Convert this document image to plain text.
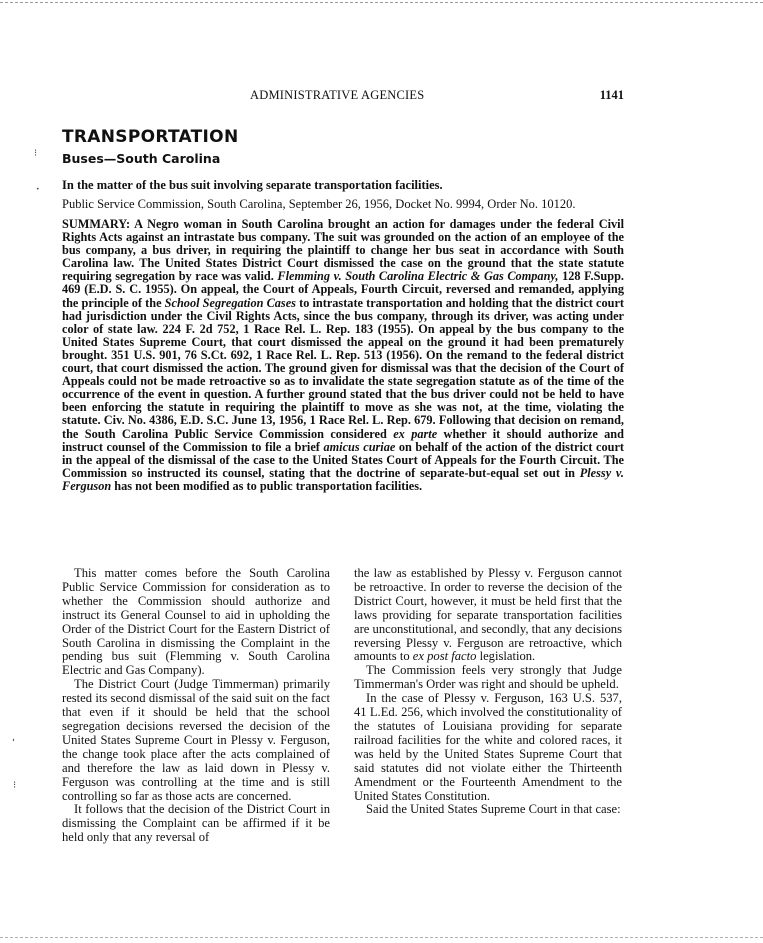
⁝
•
ʻ
⁝
ADMINISTRATIVE AGENCIES	1141
TRANSPORTATION
Buses—South Carolina
In the matter of the bus suit involving separate transportation facilities.
Public Service Commission, South Carolina, September 26, 1956, Docket No. 9994, Order No. 10120.
SUMMARY: A Negro woman in South Carolina brought an action for damages under the federal Civil Rights Acts against an intrastate bus company. The suit was grounded on the action of an employee of the bus company, a bus driver, in requiring the plaintiff to change her bus seat in accordance with South Carolina law. The United States District Court dismissed the case on the ground that the state statute requiring segregation by race was valid. Flemming v. South Carolina Electric & Gas Company, 128 F.Supp. 469 (E.D. S. C. 1955). On appeal, the Court of Appeals, Fourth Circuit, reversed and remanded, applying the principle of the School Segregation Cases to intrastate transportation and holding that the district court had jurisdiction under the Civil Rights Acts, since the bus company, through its driver, was acting under color of state law. 224 F. 2d 752, 1 Race Rel. L. Rep. 183 (1955). On appeal by the bus company to the United States Supreme Court, that court dismissed the appeal on the ground it had been prematurely brought. 351 U.S. 901, 76 S.Ct. 692, 1 Race Rel. L. Rep. 513 (1956). On the remand to the federal district court, that court dismissed the action. The ground given for dismissal was that the decision of the Court of Appeals could not be made retroactive so as to invalidate the state segregation statute as of the time of the occurrence of the event in question. A further ground stated that the bus driver could not be held to have been enforcing the statute in requiring the plaintiff to move as she was not, at the time, violating the statute. Civ. No. 4386, E.D. S.C. June 13, 1956, 1 Race Rel. L. Rep. 679. Following that decision on remand, the South Carolina Public Service Commission considered ex parte whether it should authorize and instruct counsel of the Commission to file a brief amicus curiae on behalf of the action of the district court in the appeal of the dismissal of the case to the United States Court of Appeals for the Fourth Circuit. The Commission so instructed its counsel, stating that the doctrine of separate-but-equal set out in Plessy v. Ferguson has not been modified as to public transportation facilities.

This matter comes before the South Carolina Public Service Commission for consideration as to whether the Commission should authorize and instruct its General Counsel to aid in upholding the Order of the District Court for the Eastern District of South Carolina in dismissing the Complaint in the pending bus suit (Flemming v. South Carolina Electric and Gas Company).

The District Court (Judge Timmerman) primarily rested its second dismissal of the said suit on the fact that even if it should be held that the school segregation decisions reversed the decision of the United States Supreme Court in Plessy v. Ferguson, the change took place after the acts complained of and therefore the law as laid down in Plessy v. Ferguson was controlling at the time and is still controlling so far as those acts are concerned.

It follows that the decision of the District Court in dismissing the Complaint can be affirmed if it be held only that any reversal of

the law as established by Plessy v. Ferguson cannot be retroactive. In order to reverse the decision of the District Court, however, it must be held first that the laws providing for separate transportation facilities are unconstitutional, and secondly, that any decisions reversing Plessy v. Ferguson are retroactive, which amounts to ex post facto legislation.

The Commission feels very strongly that Judge Timmerman's Order was right and should be upheld.

In the case of Plessy v. Ferguson, 163 U.S. 537, 41 L.Ed. 256, which involved the constitutionality of the statutes of Louisiana providing for separate railroad facilities for the white and colored races, it was held by the United States Supreme Court that said statutes did not violate either the Thirteenth Amendment or the Fourteenth Amendment to the United States Constitution.

Said the United States Supreme Court in that case:
